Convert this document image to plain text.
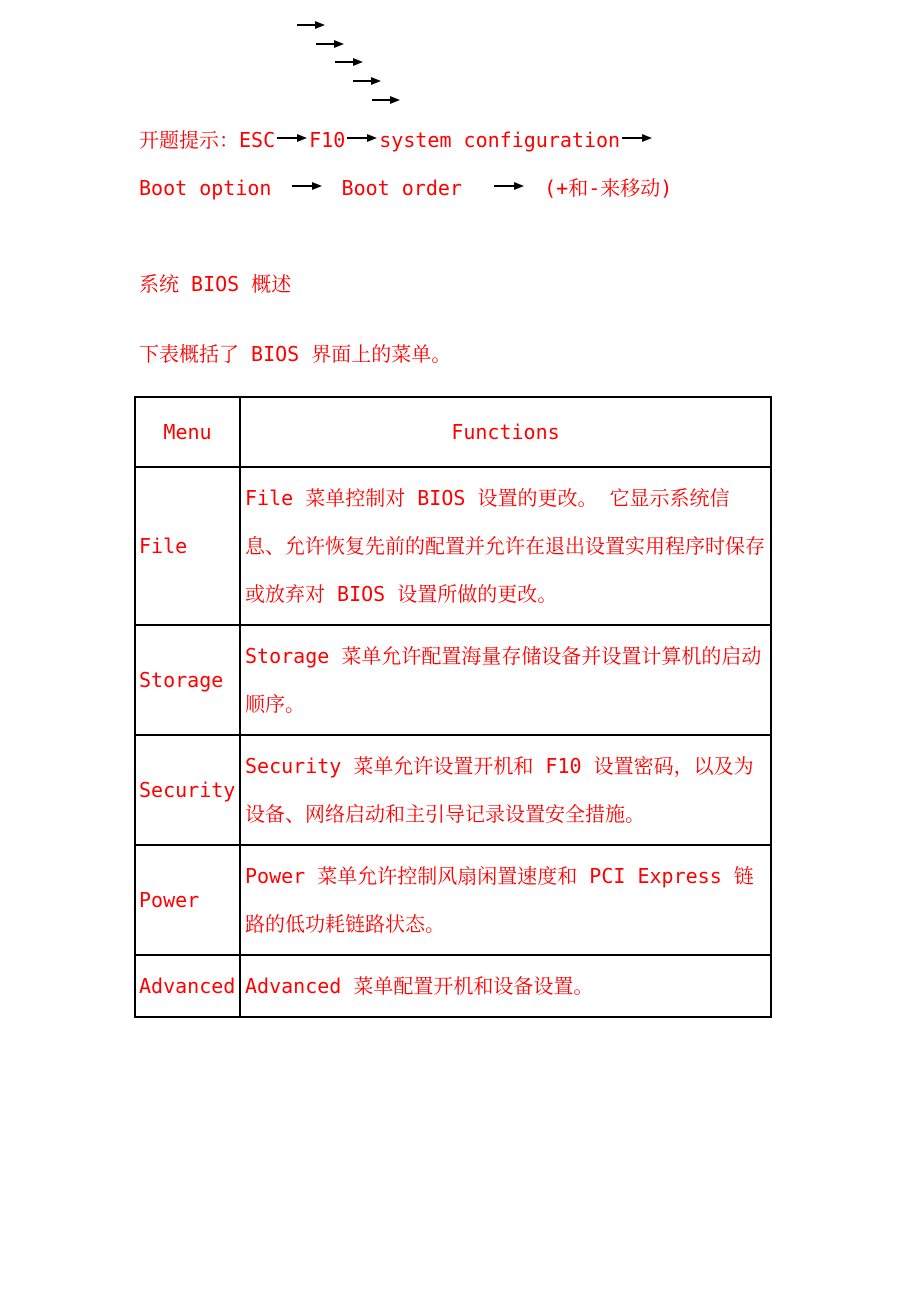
开题提示：ESC F10 system configuration
Boot option	Boot order	(+和-来移动)
系统 BIOS 概述
下表概括了 BIOS 界面上的菜单。
Menu	Functions
File	File 菜单控制对 BIOS 设置的更改。 它显示系统信息、允许恢复先前的配置并允许在退出设置实用程序时保存或放弃对 BIOS 设置所做的更改。
Storage	Storage 菜单允许配置海量存储设备并设置计算机的启动顺序。
Security	Security 菜单允许设置开机和 F10 设置密码，以及为设备、网络启动和主引导记录设置安全措施。
Power	Power 菜单允许控制风扇闲置速度和 PCI Express 链路的低功耗链路状态。
Advanced	Advanced 菜单配置开机和设备设置。
